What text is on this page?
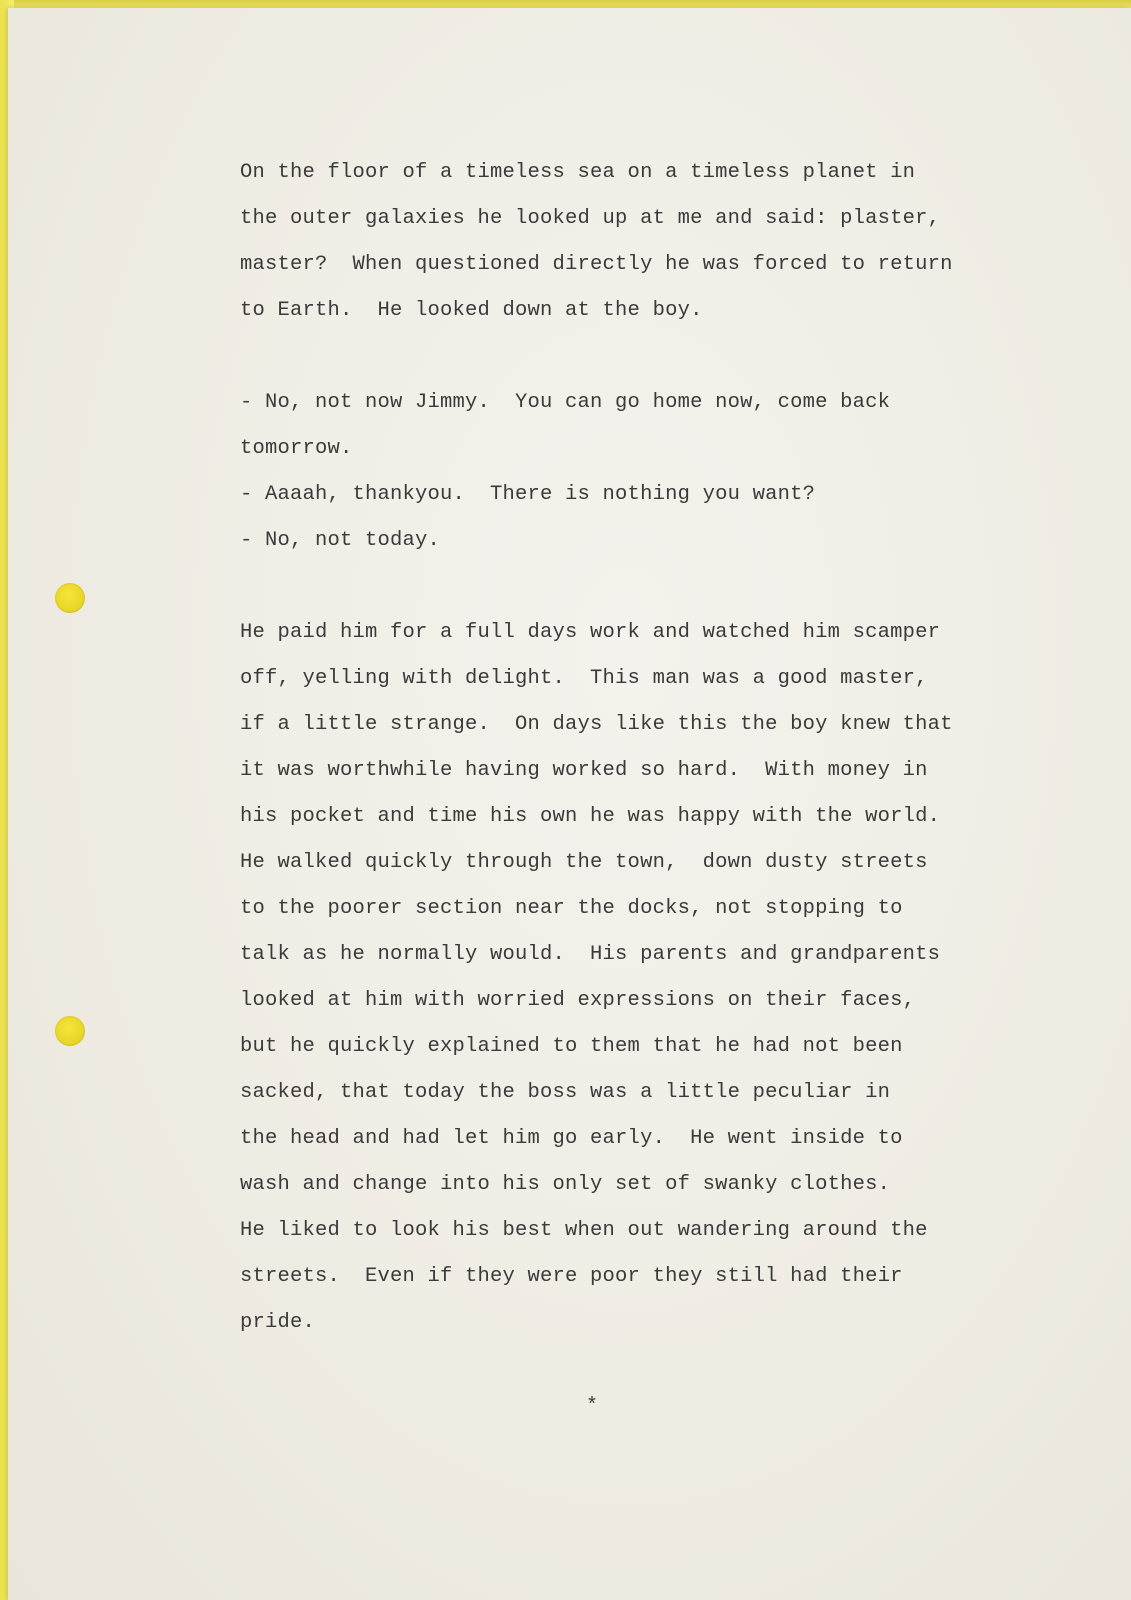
On the floor of a timeless sea on a timeless planet in
the outer galaxies he looked up at me and said: plaster,
master?  When questioned directly he was forced to return
to Earth.  He looked down at the boy.
- No, not now Jimmy.  You can go home now, come back
tomorrow.
- Aaaah, thankyou.  There is nothing you want?
- No, not today.
He paid him for a full days work and watched him scamper
off, yelling with delight.  This man was a good master,
if a little strange.  On days like this the boy knew that
it was worthwhile having worked so hard.  With money in
his pocket and time his own he was happy with the world.
He walked quickly through the town,  down dusty streets
to the poorer section near the docks, not stopping to
talk as he normally would.  His parents and grandparents
looked at him with worried expressions on their faces,
but he quickly explained to them that he had not been
sacked, that today the boss was a little peculiar in
the head and had let him go early.  He went inside to
wash and change into his only set of swanky clothes.
He liked to look his best when out wandering around the
streets.  Even if they were poor they still had their
pride.
*
